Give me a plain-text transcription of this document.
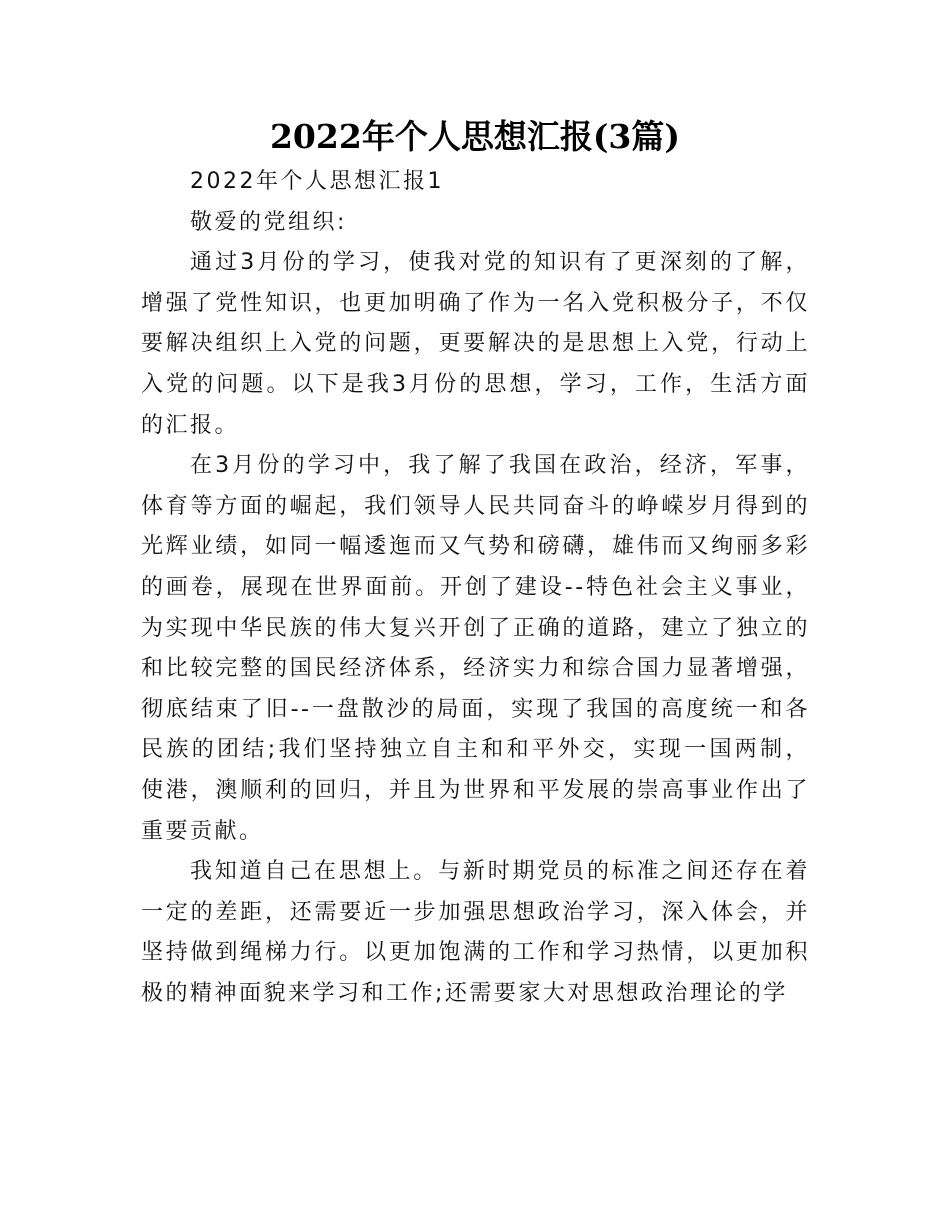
2022年个人思想汇报(3篇)

2022年个人思想汇报1

敬爱的党组织:

通过3月份的学习，使我对党的知识有了更深刻的了解，增强了党性知识，也更加明确了作为一名入党积极分子，不仅要解决组织上入党的问题，更要解决的是思想上入党，行动上入党的问题。以下是我3月份的思想，学习，工作，生活方面的汇报。

在3月份的学习中，我了解了我国在政治，经济，军事，体育等方面的崛起，我们领导人民共同奋斗的峥嵘岁月得到的光辉业绩，如同一幅逶迤而又气势和磅礴，雄伟而又绚丽多彩的画卷，展现在世界面前。开创了建设--特色社会主义事业，为实现中华民族的伟大复兴开创了正确的道路，建立了独立的和比较完整的国民经济体系，经济实力和综合国力显著增强，彻底结束了旧--一盘散沙的局面，实现了我国的高度统一和各民族的团结;我们坚持独立自主和和平外交，实现一国两制，使港，澳顺利的回归，并且为世界和平发展的崇高事业作出了重要贡献。

我知道自己在思想上。与新时期党员的标准之间还存在着一定的差距，还需要近一步加强思想政治学习，深入体会，并坚持做到绳梯力行。以更加饱满的工作和学习热情，以更加积极的精神面貌来学习和工作;还需要家大对思想政治理论的学
